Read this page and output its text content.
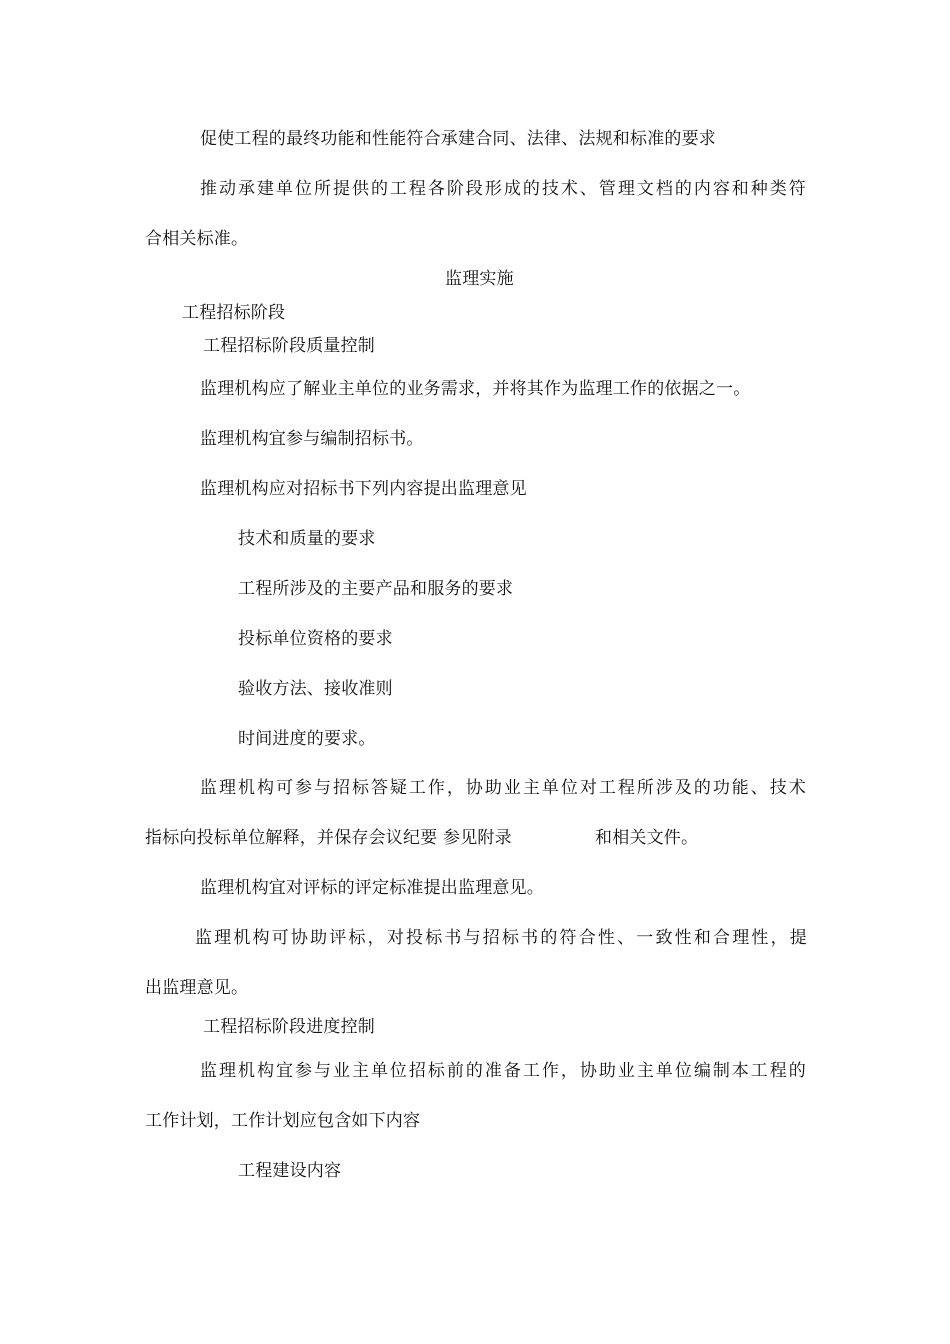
促使工程的最终功能和性能符合承建合同、法律、法规和标准的要求
推动承建单位所提供的工程各阶段形成的技术、管理文档的内容和种类符
合相关标准。
监理实施
工程招标阶段
工程招标阶段质量控制
监理机构应了解业主单位的业务需求，并将其作为监理工作的依据之一。
监理机构宜参与编制招标书。
监理机构应对招标书下列内容提出监理意见
技术和质量的要求
工程所涉及的主要产品和服务的要求
投标单位资格的要求
验收方法、接收准则
时间进度的要求。
监理机构可参与招标答疑工作，协助业主单位对工程所涉及的功能、技术
指标向投标单位解释，并保存会议纪要 参见附录	和相关文件。
监理机构宜对评标的评定标准提出监理意见。
监理机构可协助评标，对投标书与招标书的符合性、一致性和合理性，提
出监理意见。
工程招标阶段进度控制
监理机构宜参与业主单位招标前的准备工作，协助业主单位编制本工程的
工作计划，工作计划应包含如下内容
工程建设内容
